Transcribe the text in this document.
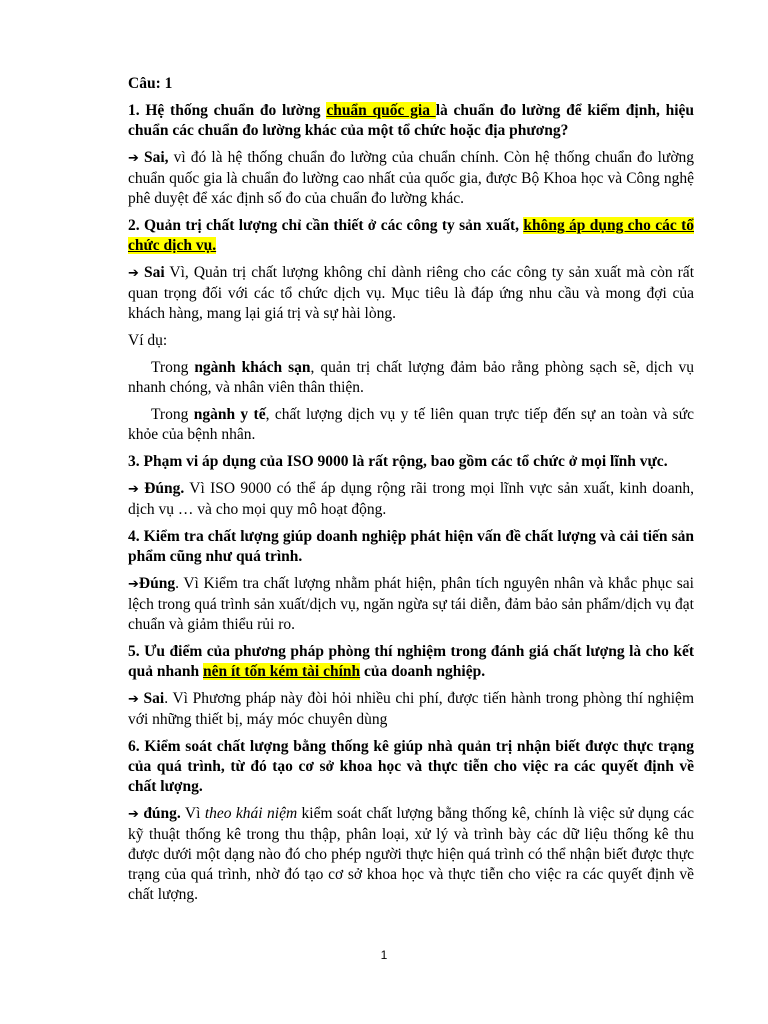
Câu: 1

1. Hệ thống chuẩn đo lường chuẩn quốc gia là chuẩn đo lường để kiểm định, hiệu chuẩn các chuẩn đo lường khác của một tổ chức hoặc địa phương?

➔ Sai, vì đó là hệ thống chuẩn đo lường của chuẩn chính. Còn hệ thống chuẩn đo lường chuẩn quốc gia là chuẩn đo lường cao nhất của quốc gia, được Bộ Khoa học và Công nghệ phê duyệt để xác định số đo của chuẩn đo lường khác.

2. Quản trị chất lượng chỉ cần thiết ở các công ty sản xuất, không áp dụng cho các tổ chức dịch vụ.

➔ Sai Vì, Quản trị chất lượng không chỉ dành riêng cho các công ty sản xuất mà còn rất quan trọng đối với các tổ chức dịch vụ. Mục tiêu là đáp ứng nhu cầu và mong đợi của khách hàng, mang lại giá trị và sự hài lòng.

Ví dụ:

Trong ngành khách sạn, quản trị chất lượng đảm bảo rằng phòng sạch sẽ, dịch vụ nhanh chóng, và nhân viên thân thiện.

Trong ngành y tế, chất lượng dịch vụ y tế liên quan trực tiếp đến sự an toàn và sức khỏe của bệnh nhân.

3. Phạm vi áp dụng của ISO 9000 là rất rộng, bao gồm các tổ chức ở mọi lĩnh vực.

➔ Đúng. Vì ISO 9000 có thể áp dụng rộng rãi trong mọi lĩnh vực sản xuất, kinh doanh, dịch vụ … và cho mọi quy mô hoạt động.

4. Kiểm tra chất lượng giúp doanh nghiệp phát hiện vấn đề chất lượng và cải tiến sản phẩm cũng như quá trình.

➔Đúng. Vì Kiểm tra chất lượng nhằm phát hiện, phân tích nguyên nhân và khắc phục sai lệch trong quá trình sản xuất/dịch vụ, ngăn ngừa sự tái diễn, đảm bảo sản phẩm/dịch vụ đạt chuẩn và giảm thiểu rủi ro.

5. Ưu điểm của phương pháp phòng thí nghiệm trong đánh giá chất lượng là cho kết quả nhanh nên ít tốn kém tài chính của doanh nghiệp.

➔ Sai. Vì Phương pháp này đòi hỏi nhiều chi phí, được tiến hành trong phòng thí nghiệm với những thiết bị, máy móc chuyên dùng

6. Kiểm soát chất lượng bằng thống kê giúp nhà quản trị nhận biết được thực trạng của quá trình, từ đó tạo cơ sở khoa học và thực tiễn cho việc ra các quyết định về chất lượng.

➔ đúng. Vì theo khái niệm kiểm soát chất lượng bằng thống kê, chính là việc sử dụng các kỹ thuật thống kê trong thu thập, phân loại, xử lý và trình bày các dữ liệu thống kê thu được dưới một dạng nào đó cho phép người thực hiện quá trình có thể nhận biết được thực trạng của quá trình, nhờ đó tạo cơ sở khoa học và thực tiễn cho việc ra các quyết định về chất lượng.

1
